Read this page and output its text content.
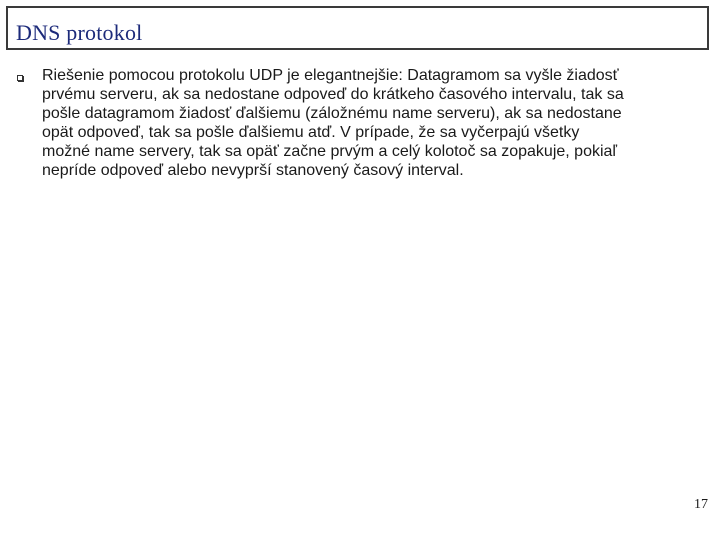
DNS protokol
Riešenie pomocou protokolu UDP je elegantnejšie: Datagramom sa vyšle žiadosť
prvému serveru, ak sa nedostane odpoveď do krátkeho časového intervalu, tak sa
pošle datagramom žiadosť ďalšiemu (záložnému name serveru), ak sa nedostane
opät odpoveď, tak sa pošle ďalšiemu atď. V prípade, že sa vyčerpajú všetky
možné name servery, tak sa opäť začne prvým a celý kolotoč sa zopakuje, pokiaľ
nepríde odpoveď alebo nevyprší stanovený časový interval.
17
